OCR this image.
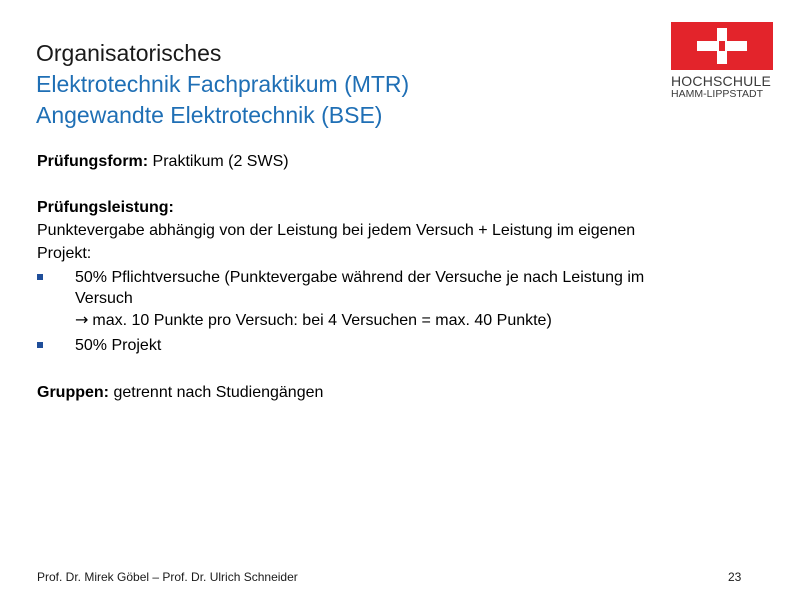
Organisatorisches
Elektrotechnik Fachpraktikum (MTR)
Angewandte Elektrotechnik (BSE)
HOCHSCHULE
HAMM-LIPPSTADT
Prüfungsform: Praktikum (2 SWS)
Prüfungsleistung:
Punktevergabe abhängig von der Leistung bei jedem Versuch + Leistung im eigenen
Projekt:
50% Pflichtversuche (Punktevergabe während der Versuche je nach Leistung im
Versuch
→ max. 10 Punkte pro Versuch: bei 4 Versuchen = max. 40 Punkte)
50% Projekt
Gruppen: getrennt nach Studiengängen
Prof. Dr. Mirek Göbel – Prof. Dr. Ulrich Schneider	23
